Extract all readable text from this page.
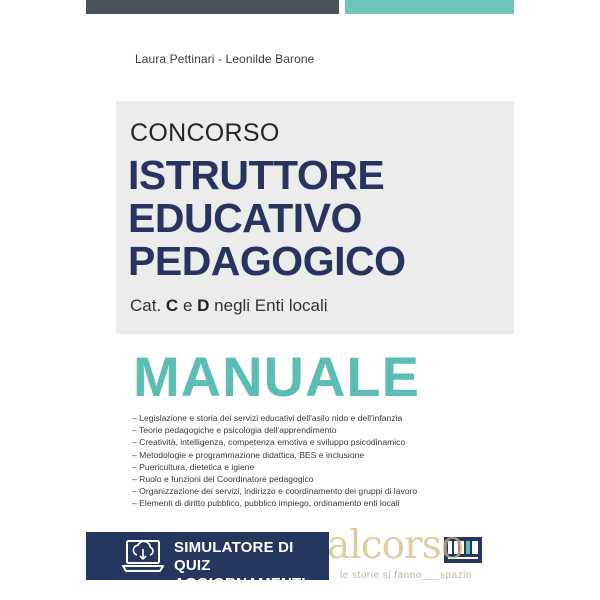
Laura Pettinari - Leonilde Barone
CONCORSO
ISTRUTTORE
EDUCATIVO
PEDAGOGICO
Cat. C e D negli Enti locali
MANUALE
– Legislazione e storia dei servizi educativi dell'asilo nido e dell'infanzia
– Teorie pedagogiche e psicologia dell'apprendimento
– Creatività, intelligenza, competenza emotiva e sviluppo psicodinamico
– Metodologie e programmazione didattica, BES e inclusione
– Puericultura, dietetica e igiene
– Ruolo e funzioni del Coordinatore pedagogico
– Organizzazione dei servizi, indirizzo e coordinamento dei gruppi di lavoro
– Elementi di diritto pubblico, pubblico impiego, ordinamento enti locali
SIMULATORE DI QUIZ
AGGIORNAMENTI
alcorso
le storie si fanno___spazio
